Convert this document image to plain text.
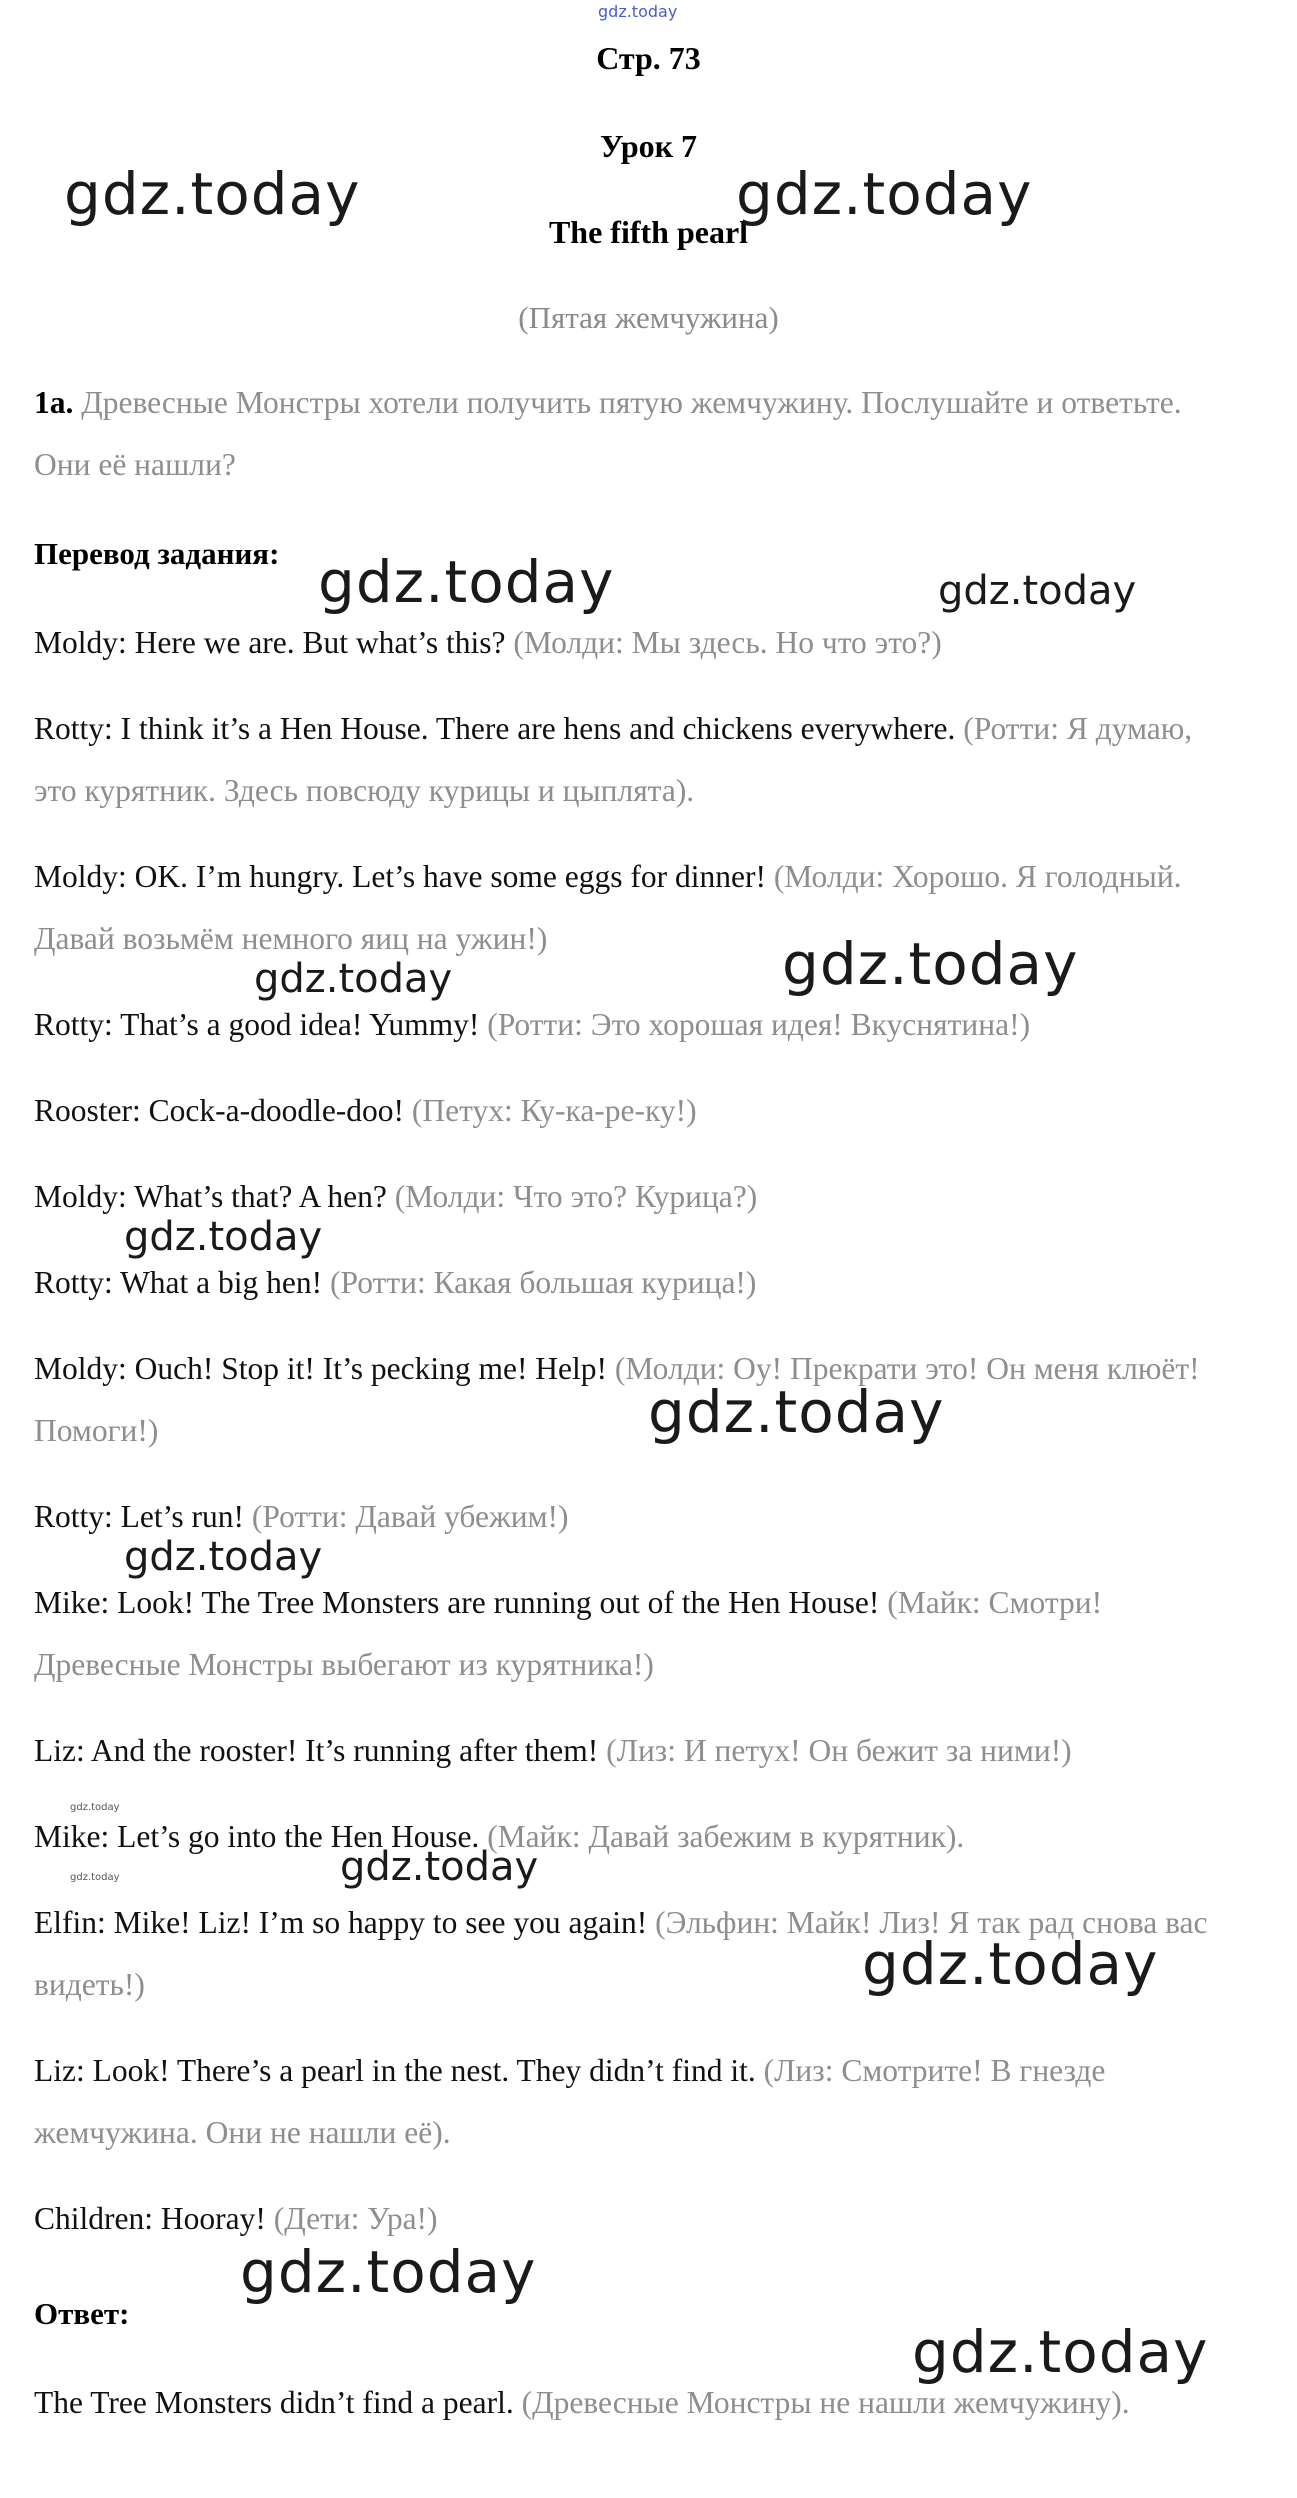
gdz.today
Стр. 73
Урок 7
The fifth pearl
(Пятая жемчужина)
1a. Древесные Монстры хотели получить пятую жемчужину. Послушайте и ответьте. Они её нашли?
Перевод задания:
Moldy: Here we are. But what’s this? (Молди: Мы здесь. Но что это?)
Rotty: I think it’s a Hen House. There are hens and chickens everywhere. (Ротти: Я думаю, это курятник. Здесь повсюду курицы и цыплята).
Moldy: OK. I’m hungry. Let’s have some eggs for dinner! (Молди: Хорошо. Я голодный. Давай возьмём немного яиц на ужин!)
Rotty: That’s a good idea! Yummy! (Ротти: Это хорошая идея! Вкуснятина!)
Rooster: Cock-a-doodle-doo! (Петух: Ку-ка-ре-ку!)
Moldy: What’s that? A hen? (Молди: Что это? Курица?)
Rotty: What a big hen! (Ротти: Какая большая курица!)
Moldy: Ouch! Stop it! It’s pecking me! Help! (Молди: Оу! Прекрати это! Он меня клюёт! Помоги!)
Rotty: Let’s run! (Ротти: Давай убежим!)
Mike: Look! The Tree Monsters are running out of the Hen House! (Майк: Смотри! Древесные Монстры выбегают из курятника!)
Liz: And the rooster! It’s running after them! (Лиз: И петух! Он бежит за ними!)
Mike: Let’s go into the Hen House. (Майк: Давай забежим в курятник).
Elfin: Mike! Liz! I’m so happy to see you again! (Эльфин: Майк! Лиз! Я так рад снова вас видеть!)
Liz: Look! There’s a pearl in the nest. They didn’t find it. (Лиз: Смотрите! В гнезде жемчужина. Они не нашли её).
Children: Hooray! (Дети: Ура!)
Ответ:
The Tree Monsters didn’t find a pearl. (Древесные Монстры не нашли жемчужину).
gdz.today	gdz.today
gdz.today	gdz.today
gdz.today
gdz.today
gdz.today
gdz.today
gdz.today
gdz.today
gdz.today	gdz.today
gdz.today
gdz.today
gdz.today
